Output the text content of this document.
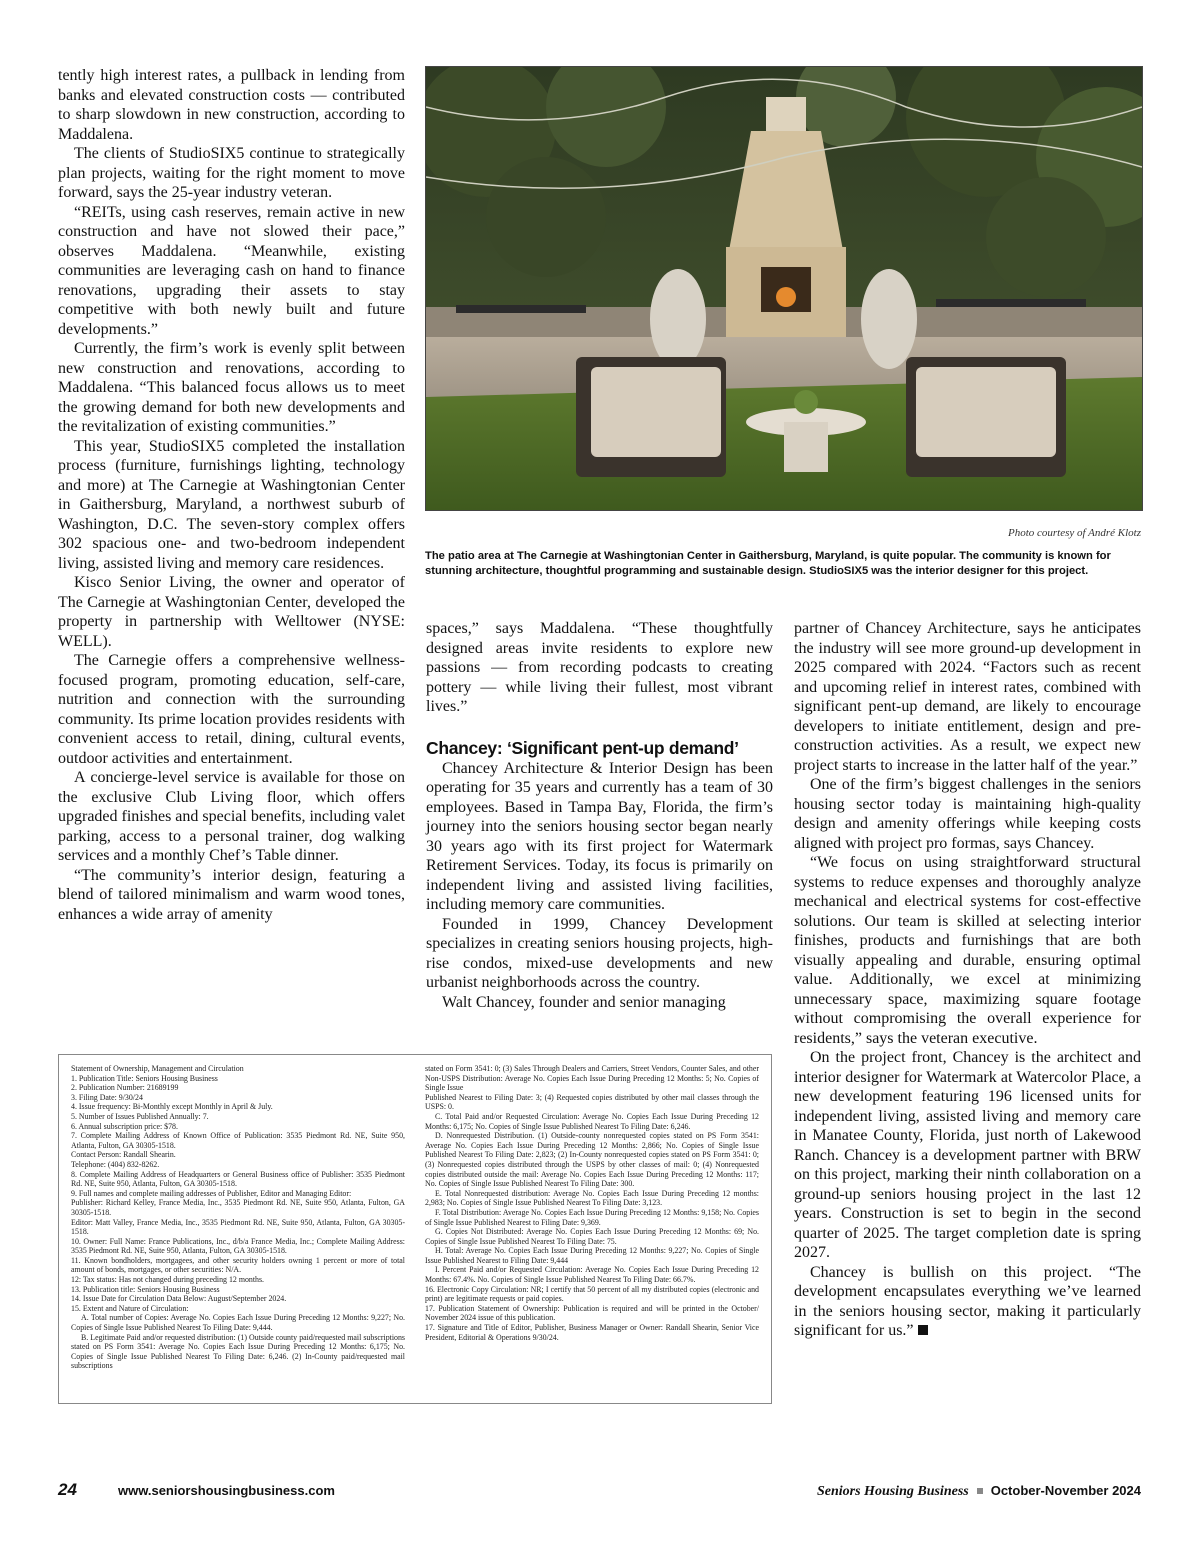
tently high interest rates, a pullback in lending from banks and elevated construction costs — contributed to sharp slowdown in new construction, according to Maddalena.

The clients of StudioSIX5 continue to strategically plan projects, waiting for the right moment to move forward, says the 25-year industry veteran.

“REITs, using cash reserves, remain active in new construction and have not slowed their pace,” observes Maddalena. “Meanwhile, existing communities are leveraging cash on hand to finance renovations, upgrading their assets to stay competitive with both newly built and future developments.”

Currently, the firm’s work is evenly split between new construction and renovations, according to Maddalena. “This balanced focus allows us to meet the growing demand for both new developments and the revitalization of existing communities.”

This year, StudioSIX5 completed the installation process (furniture, furnishings lighting, technology and more) at The Carnegie at Washingtonian Center in Gaithersburg, Maryland, a northwest suburb of Washington, D.C. The seven-story complex offers 302 spacious one- and two-bedroom independent living, assisted living and memory care residences.

Kisco Senior Living, the owner and operator of The Carnegie at Washingtonian Center, developed the property in partnership with Welltower (NYSE: WELL).

The Carnegie offers a comprehensive wellness-focused program, promoting education, self-care, nutrition and connection with the surrounding community. Its prime location provides residents with convenient access to retail, dining, cultural events, outdoor activities and entertainment.

A concierge-level service is available for those on the exclusive Club Living floor, which offers upgraded finishes and special benefits, including valet parking, access to a personal trainer, dog walking services and a monthly Chef’s Table dinner.

“The community’s interior design, featuring a blend of tailored minimalism and warm wood tones, enhances a wide array of amenity

Photo courtesy of André Klotz
The patio area at The Carnegie at Washingtonian Center in Gaithersburg, Maryland, is quite popular. The community is known for stunning architecture, thoughtful programming and sustainable design. StudioSIX5 was the interior designer for this project.

spaces,” says Maddalena. “These thoughtfully designed areas invite residents to explore new passions — from recording podcasts to creating pottery — while living their fullest, most vibrant lives.”

Chancey: ‘Significant pent-up demand’

Chancey Architecture & Interior Design has been operating for 35 years and currently has a team of 30 employees. Based in Tampa Bay, Florida, the firm’s journey into the seniors housing sector began nearly 30 years ago with its first project for Watermark Retirement Services. Today, its focus is primarily on independent living and assisted living facilities, including memory care communities.

Founded in 1999, Chancey Development specializes in creating seniors housing projects, high-rise condos, mixed-use developments and new urbanist neighborhoods across the country.

Walt Chancey, founder and senior managing

partner of Chancey Architecture, says he anticipates the industry will see more ground-up development in 2025 compared with 2024. “Factors such as recent and upcoming relief in interest rates, combined with significant pent-up demand, are likely to encourage developers to initiate entitlement, design and pre-construction activities. As a result, we expect new project starts to increase in the latter half of the year.”

One of the firm’s biggest challenges in the seniors housing sector today is maintaining high-quality design and amenity offerings while keeping costs aligned with project pro formas, says Chancey.

“We focus on using straightforward structural systems to reduce expenses and thoroughly analyze mechanical and electrical systems for cost-effective solutions. Our team is skilled at selecting interior finishes, products and furnishings that are both visually appealing and durable, ensuring optimal value. Additionally, we excel at minimizing unnecessary space, maximizing square footage without compromising the overall experience for residents,” says the veteran executive.

On the project front, Chancey is the architect and interior designer for Watermark at Watercolor Place, a new development featuring 196 licensed units for independent living, assisted living and memory care in Manatee County, Florida, just north of Lakewood Ranch. Chancey is a development partner with BRW on this project, marking their ninth collaboration on a ground-up seniors housing project in the last 12 years. Construction is set to begin in the second quarter of 2025. The target completion date is spring 2027.

Chancey is bullish on this project. “The development encapsulates everything we’ve learned in the seniors housing sector, making it particularly significant for us.”

Statement of Ownership, Management and Circulation
1. Publication Title: Seniors Housing Business
2. Publication Number: 21689199
3. Filing Date: 9/30/24
4. Issue frequency: Bi-Monthly except Monthly in April & July.
5. Number of Issues Published Annually: 7.
6. Annual subscription price: $78.
7. Complete Mailing Address of Known Office of Publication: 3535 Piedmont Rd. NE, Suite 950, Atlanta, Fulton, GA 30305-1518.
Contact Person: Randall Shearin.
Telephone: (404) 832-8262.
8. Complete Mailing Address of Headquarters or General Business office of Publisher: 3535 Piedmont Rd. NE, Suite 950, Atlanta, Fulton, GA 30305-1518.
9. Full names and complete mailing addresses of Publisher, Editor and Managing Editor:
Publisher: Richard Kelley, France Media, Inc., 3535 Piedmont Rd. NE, Suite 950, Atlanta, Fulton, GA 30305-1518.
Editor: Matt Valley, France Media, Inc., 3535 Piedmont Rd. NE, Suite 950, Atlanta, Fulton, GA 30305-1518.
10. Owner: Full Name: France Publications, Inc., d/b/a France Media, Inc.; Complete Mailing Address: 3535 Piedmont Rd. NE, Suite 950, Atlanta, Fulton, GA 30305-1518.
11. Known bondholders, mortgagees, and other security holders owning 1 percent or more of total amount of bonds, mortgages, or other securities: N/A.
12: Tax status: Has not changed during preceding 12 months.
13. Publication title: Seniors Housing Business
14. Issue Date for Circulation Data Below: August/September 2024.
15. Extent and Nature of Circulation:
A. Total number of Copies: Average No. Copies Each Issue During Preceding 12 Months: 9,227; No. Copies of Single Issue Published Nearest To Filing Date: 9,444.
B. Legitimate Paid and/or requested distribution: (1) Outside county paid/requested mail subscriptions stated on PS Form 3541: Average No. Copies Each Issue During Preceding 12 Months: 6,175; No. Copies of Single Issue Published Nearest To Filing Date: 6,246. (2) In-County paid/requested mail subscriptions
stated on Form 3541: 0; (3) Sales Through Dealers and Carriers, Street Vendors, Counter Sales, and other Non-USPS Distribution: Average No. Copies Each Issue During Preceding 12 Months: 5; No. Copies of Single Issue
Published Nearest to Filing Date: 3; (4) Requested copies distributed by other mail classes through the USPS: 0.
C. Total Paid and/or Requested Circulation: Average No. Copies Each Issue During Preceding 12 Months: 6,175; No. Copies of Single Issue Published Nearest To Filing Date: 6,246.
D. Nonrequested Distribution. (1) Outside-county nonrequested copies stated on PS Form 3541: Average No. Copies Each Issue During Preceding 12 Months: 2,866; No. Copies of Single Issue Published Nearest To Filing Date: 2,823; (2) In-County nonrequested copies stated on PS Form 3541: 0; (3) Nonrequested copies distributed through the USPS by other classes of mail: 0; (4) Nonrequested copies distributed outside the mail: Average No. Copies Each Issue During Preceding 12 Months: 117; No. Copies of Single Issue Published Nearest To Filing Date: 300.
E. Total Nonrequested distribution: Average No. Copies Each Issue During Preceding 12 months: 2,983; No. Copies of Single Issue Published Nearest To Filing Date: 3,123.
F. Total Distribution: Average No. Copies Each Issue During Preceding 12 Months: 9,158; No. Copies of Single Issue Published Nearest to Filing Date: 9,369.
G. Copies Not Distributed: Average No. Copies Each Issue During Preceding 12 Months: 69; No. Copies of Single Issue Published Nearest To Filing Date: 75.
H. Total: Average No. Copies Each Issue During Preceding 12 Months: 9,227; No. Copies of Single Issue Published Nearest to Filing Date: 9,444
I. Percent Paid and/or Requested Circulation: Average No. Copies Each Issue During Preceding 12 Months: 67.4%. No. Copies of Single Issue Published Nearest To Filing Date: 66.7%.
16. Electronic Copy Circulation: NR; I certify that 50 percent of all my distributed copies (electronic and print) are legitimate requests or paid copies.
17. Publication Statement of Ownership: Publication is required and will be printed in the October/ November 2024 issue of this publication.
17. Signature and Title of Editor, Publisher, Business Manager or Owner: Randall Shearin, Senior Vice President, Editorial & Operations 9/30/24.
24	www.seniorshousingbusiness.com	Seniors Housing Business October-November 2024
